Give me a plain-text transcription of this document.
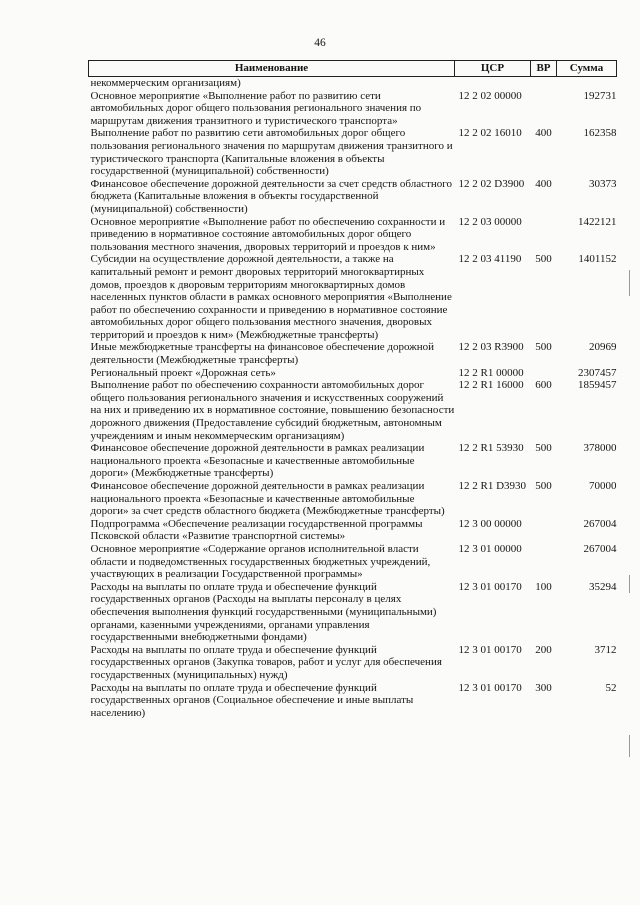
46
Наименование	ЦСР	ВР	Сумма
некоммерческим организациям)			
Основное мероприятие «Выполнение работ по развитию сети автомобильных дорог общего пользования регионального значения по маршрутам движения транзитного и туристического транспорта»	12 2 02 00000		192731
Выполнение работ по развитию сети автомобильных дорог общего пользования регионального значения по маршрутам движения транзитного и туристического транспорта (Капитальные вложения в объекты государственной (муниципальной) собственности)	12 2 02 16010	400	162358
Финансовое обеспечение дорожной деятельности за счет средств областного бюджета (Капитальные вложения в объекты государственной (муниципальной) собственности)	12 2 02 D3900	400	30373
Основное мероприятие «Выполнение работ по обеспечению сохранности и приведению в нормативное состояние автомобильных дорог общего пользования местного значения, дворовых территорий и проездов к ним»	12 2 03 00000		1422121
Субсидии на осуществление дорожной деятельности, а также на капитальный ремонт и ремонт дворовых территорий многоквартирных домов, проездов к дворовым территориям многоквартирных домов населенных пунктов области в рамках основного мероприятия «Выполнение работ по обеспечению сохранности и приведению в нормативное состояние автомобильных дорог общего пользования местного значения, дворовых территорий и проездов к ним» (Межбюджетные трансферты)	12 2 03 41190	500	1401152
Иные межбюджетные трансферты на финансовое обеспечение дорожной деятельности (Межбюджетные трансферты)	12 2 03 R3900	500	20969
Региональный проект «Дорожная сеть»	12 2 R1 00000		2307457
Выполнение работ по обеспечению сохранности автомобильных дорог общего пользования регионального значения и искусственных сооружений на них и приведению их в нормативное состояние, повышению безопасности дорожного движения (Предоставление субсидий бюджетным, автономным учреждениям и иным некоммерческим организациям)	12 2 R1 16000	600	1859457
Финансовое обеспечение дорожной деятельности в рамках реализации национального проекта «Безопасные и качественные автомобильные дороги» (Межбюджетные трансферты)	12 2 R1 53930	500	378000
Финансовое обеспечение дорожной деятельности в рамках реализации национального проекта «Безопасные и качественные автомобильные дороги» за счет средств областного бюджета (Межбюджетные трансферты)	12 2 R1 D3930	500	70000
Подпрограмма «Обеспечение реализации государственной программы Псковской области «Развитие транспортной системы»	12 3 00 00000		267004
Основное мероприятие «Содержание органов исполнительной власти области и подведомственных государственных бюджетных учреждений, участвующих в реализации Государственной программы»	12 3 01 00000		267004
Расходы на выплаты по оплате труда и обеспечение функций государственных органов (Расходы на выплаты персоналу в целях обеспечения выполнения функций государственными (муниципальными) органами, казенными учреждениями, органами управления государственными внебюджетными фондами)	12 3 01 00170	100	35294
Расходы на выплаты по оплате труда и обеспечение функций государственных органов (Закупка товаров, работ и услуг для обеспечения государственных (муниципальных) нужд)	12 3 01 00170	200	3712
Расходы на выплаты по оплате труда и обеспечение функций государственных органов (Социальное обеспечение и иные выплаты населению)	12 3 01 00170	300	52
